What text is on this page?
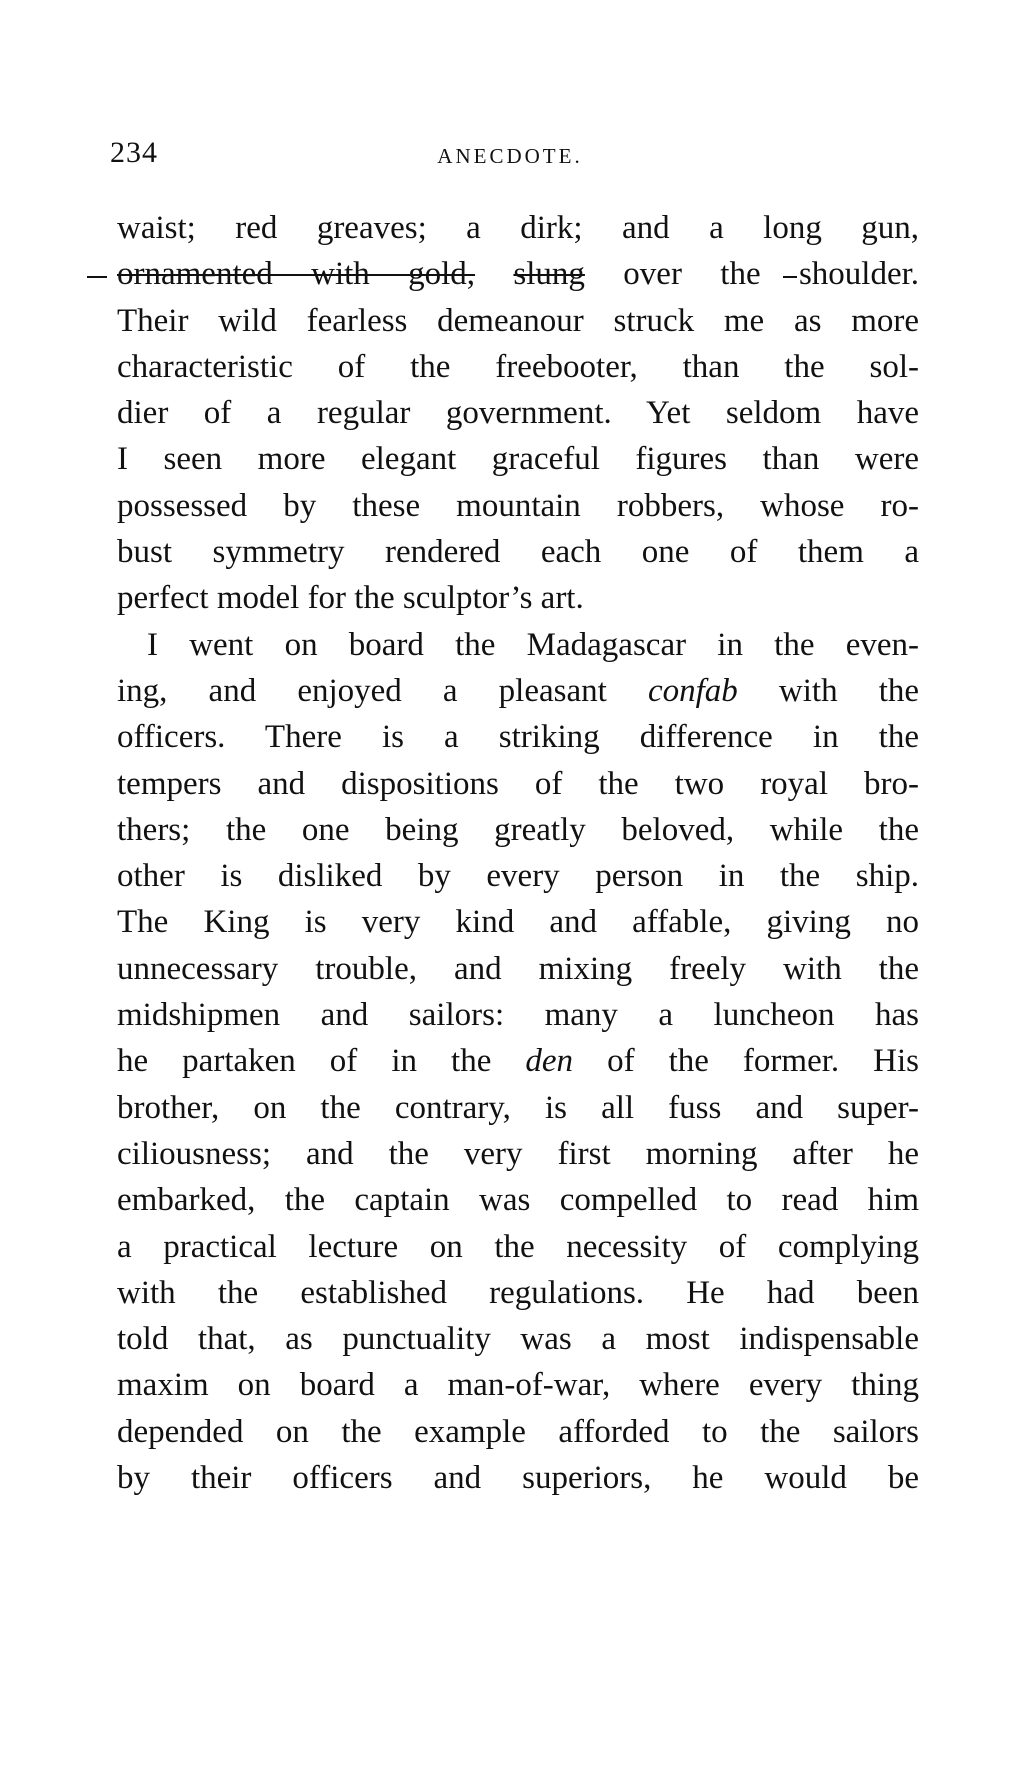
234	ANECDOTE.
waist; red greaves; a dirk; and a long gun,
ornamented with gold, slung over the shoulder.
Their wild fearless demeanour struck me as more
characteristic of the freebooter, than the sol-
dier of a regular government. Yet seldom have
I seen more elegant graceful figures than were
possessed by these mountain robbers, whose ro-
bust symmetry rendered each one of them a
perfect model for the sculptor’s art.
I went on board the Madagascar in the even-
ing, and enjoyed a pleasant confab with the
officers. There is a striking difference in the
tempers and dispositions of the two royal bro-
thers; the one being greatly beloved, while the
other is disliked by every person in the ship.
The King is very kind and affable, giving no
unnecessary trouble, and mixing freely with the
midshipmen and sailors: many a luncheon has
he partaken of in the den of the former. His
brother, on the contrary, is all fuss and super-
ciliousness; and the very first morning after he
embarked, the captain was compelled to read him
a practical lecture on the necessity of complying
with the established regulations. He had been
told that, as punctuality was a most indispensable
maxim on board a man-of-war, where every thing
depended on the example afforded to the sailors
by their officers and superiors, he would be
